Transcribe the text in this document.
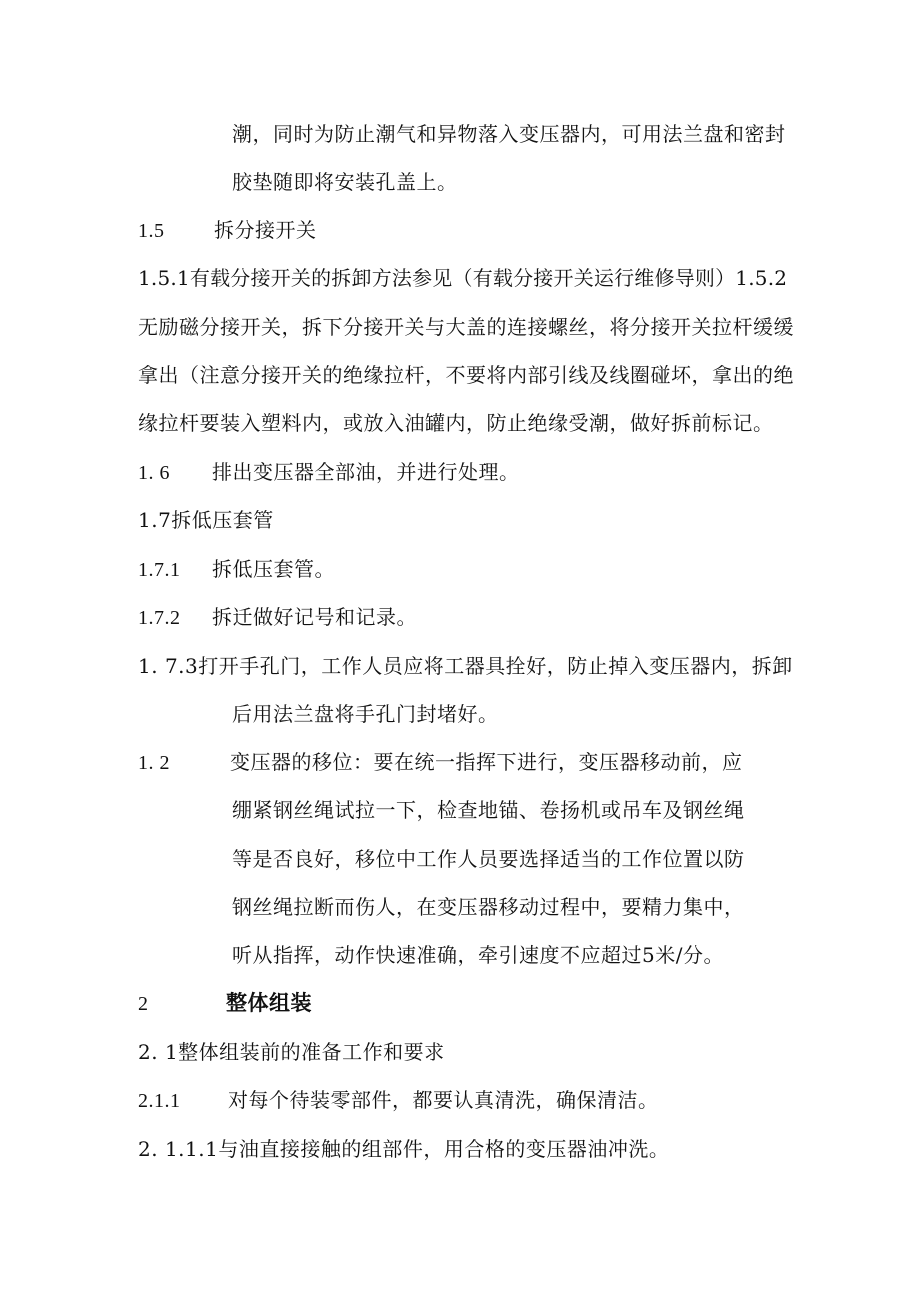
潮，同时为防止潮气和异物落入变压器内，可用法兰盘和密封
胶垫随即将安装孔盖上。
1.5 拆分接开关
1.5.1有载分接开关的拆卸方法参见（有载分接开关运行维修导则）1.5.2
无励磁分接开关，拆下分接开关与大盖的连接螺丝，将分接开关拉杆缓缓
拿出（注意分接开关的绝缘拉杆，不要将内部引线及线圈碰坏，拿出的绝
缘拉杆要装入塑料内，或放入油罐内，防止绝缘受潮，做好拆前标记。
1. 6 排出变压器全部油，并进行处理。
1.7拆低压套管
1.7.1 拆低压套管。
1.7.2 拆迁做好记号和记录。
1. 7.3打开手孔门，工作人员应将工器具拴好，防止掉入变压器内，拆卸
后用法兰盘将手孔门封堵好。
1. 2	变压器的移位：要在统一指挥下进行，变压器移动前，应
绷紧钢丝绳试拉一下，检查地锚、卷扬机或吊车及钢丝绳
等是否良好，移位中工作人员要选择适当的工作位置以防
钢丝绳拉断而伤人，在变压器移动过程中，要精力集中，
听从指挥，动作快速准确，牵引速度不应超过5米/分。
2	整体组装
2. 1整体组装前的准备工作和要求
2.1.1 对每个待装零部件，都要认真清洗，确保清洁。
2. 1.1.1与油直接接触的组部件，用合格的变压器油冲洗。
